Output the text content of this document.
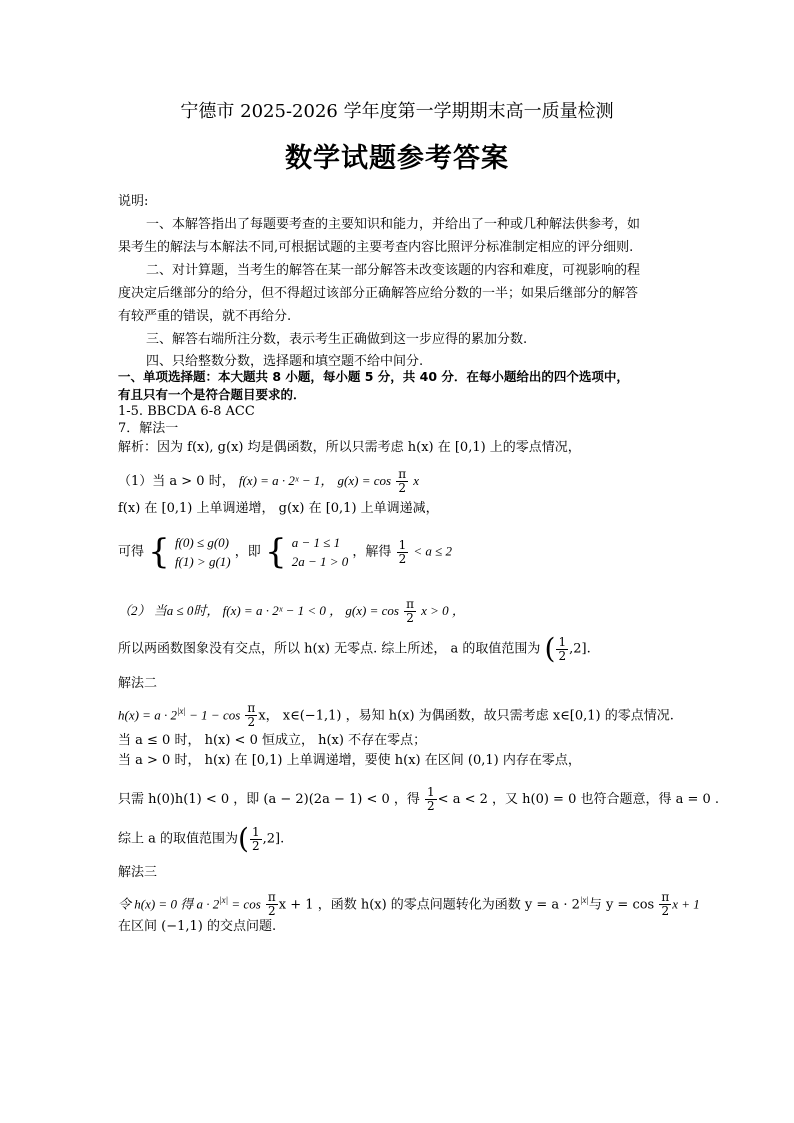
宁德市 2025-2026 学年度第一学期期末高一质量检测
数学试题参考答案
说明:
一、本解答指出了每题要考查的主要知识和能力，并给出了一种或几种解法供参考，如
果考生的解法与本解法不同,可根据试题的主要考查内容比照评分标准制定相应的评分细则.
二、对计算题，当考生的解答在某一部分解答未改变该题的内容和难度，可视影响的程
度决定后继部分的给分，但不得超过该部分正确解答应给分数的一半；如果后继部分的解答
有较严重的错误，就不再给分.
三、解答右端所注分数，表示考生正确做到这一步应得的累加分数.
四、只给整数分数，选择题和填空题不给中间分.
一、单项选择题：本大题共 8 小题，每小题 5 分，共 40 分．在每小题给出的四个选项中，
有且只有一个是符合题目要求的．
1-5. BBCDA 6-8 ACC
7．解法一
解析：因为 f(x), g(x) 均是偶函数，所以只需考虑 h(x) 在 [0,1) 上的零点情况，
（1）当 a > 0 时， f(x) = a · 2ˣ − 1， $g(x) = \cos \frac{\pi}{2}$ x
f(x) 在 [0,1) 上单调递增， g(x) 在 [0,1) 上单调递减，
可得 { f(0) ≤ g(0)
f(1) > g(1) ，即 { a − 1 ≤ 1
2a − 1 > 0 ，解得 $\frac{1}{2} < a \le 2$
（2） 当a ≤ 0时， f(x) = a · 2ˣ − 1 < 0 ， $g(x) = \cos \frac{\pi}{2}$ x > 0 ，
所以两函数图象没有交点，所以 h(x) 无零点. 综上所述， a 的取值范围为 ( $\frac{1}{2} ,2$].
解法二
$h(x) = a \cdot 2^{|x|} - 1 - \cos \frac{\pi}{2}$ x， x∈(−1,1) ，易知 h(x) 为偶函数，故只需考虑 x∈[0,1) 的零点情况.
当 a ≤ 0 时， h(x) < 0 恒成立， h(x) 不存在零点；
当 a > 0 时， h(x) 在 [0,1) 上单调递增，要使 h(x) 在区间 (0,1) 内存在零点，
只需 h(0)h(1) < 0 ，即 (a − 2)(2a − 1) < 0 ，得 $\frac{1}{2} < a < 2$ ，又 h(0) = 0 也符合题意，得 a = 0 .
综上 a 的取值范围为( $\frac{1}{2} ,2$].
解法三
令 h(x) = 0 得 $a \cdot 2^{|x|} = \cos \frac{\pi}{2}$ x + 1 ，函数 h(x) 的零点问题转化为函数 $y = a \cdot 2^{|x|}$与 $y = \cos \frac{\pi}{2}$ x + 1
在区间 (−1,1) 的交点问题.
